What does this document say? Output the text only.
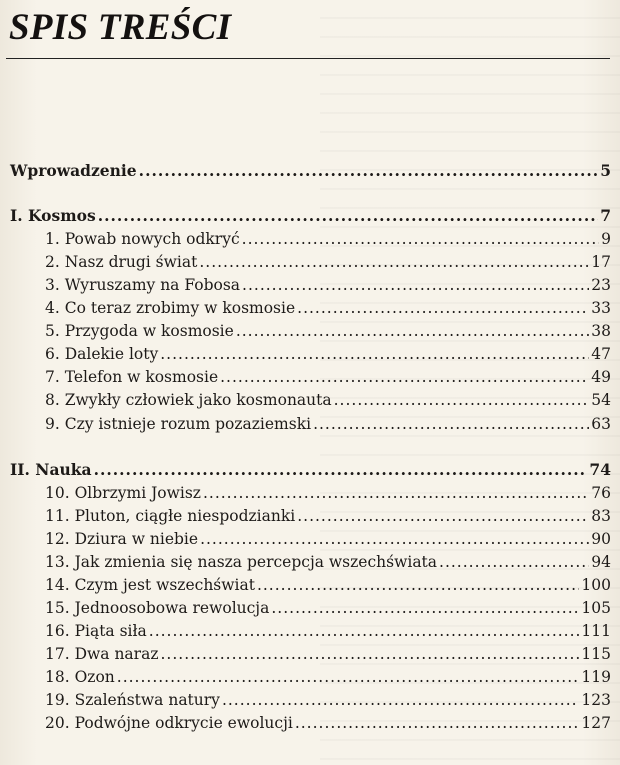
SPIS TREŚCI
Wprowadzenie .....	5
I. Kosmos .....	7
1. Powab nowych odkryć .....	9
2. Nasz drugi świat .....	17
3. Wyruszamy na Fobosa .....	23
4. Co teraz zrobimy w kosmosie .....	33
5. Przygoda w kosmosie .....	38
6. Dalekie loty .....	47
7. Telefon w kosmosie .....	49
8. Zwykły człowiek jako kosmonauta .....	54
9. Czy istnieje rozum pozaziemski .....	63
II. Nauka .....	74
10. Olbrzymi Jowisz .....	76
11. Pluton, ciągłe niespodzianki .....	83
12. Dziura w niebie .....	90
13. Jak zmienia się nasza percepcja wszechświata .....	94
14. Czym jest wszechświat .....	100
15. Jednoosobowa rewolucja .....	105
16. Piąta siła .....	111
17. Dwa naraz .....	115
18. Ozon .....	119
19. Szaleństwa natury .....	123
20. Podwójne odkrycie ewolucji .....	127
